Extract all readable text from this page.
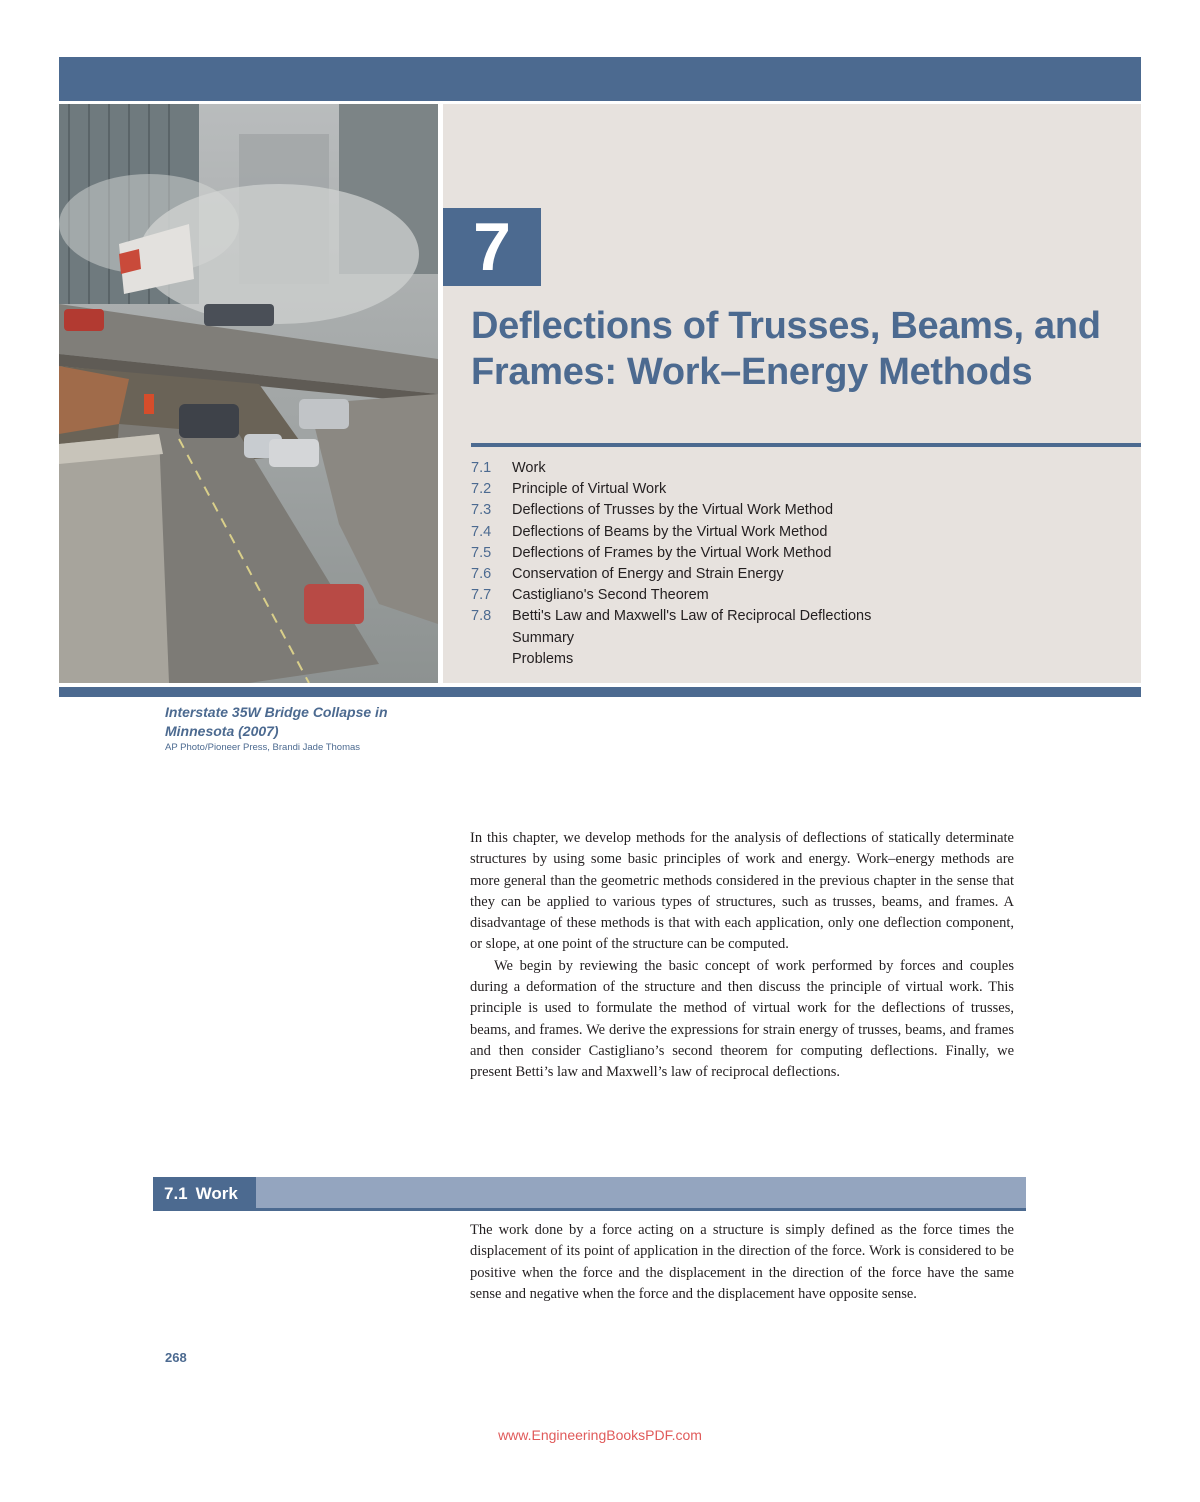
7
Deflections of Trusses, Beams, and Frames: Work–Energy Methods
7.1	Work
7.2	Principle of Virtual Work
7.3	Deflections of Trusses by the Virtual Work Method
7.4	Deflections of Beams by the Virtual Work Method
7.5	Deflections of Frames by the Virtual Work Method
7.6	Conservation of Energy and Strain Energy
7.7	Castigliano's Second Theorem
7.8	Betti's Law and Maxwell's Law of Reciprocal Deflections
Summary
Problems
Interstate 35W Bridge Collapse in Minnesota (2007)
AP Photo/Pioneer Press, Brandi Jade Thomas

In this chapter, we develop methods for the analysis of deflections of statically determinate structures by using some basic principles of work and energy. Work–energy methods are more general than the geometric methods considered in the previous chapter in the sense that they can be applied to various types of structures, such as trusses, beams, and frames. A disadvantage of these methods is that with each application, only one deflection component, or slope, at one point of the structure can be computed.

We begin by reviewing the basic concept of work performed by forces and couples during a deformation of the structure and then discuss the principle of virtual work. This principle is used to formulate the method of virtual work for the deflections of trusses, beams, and frames. We derive the expressions for strain energy of trusses, beams, and frames and then consider Castigliano’s second theorem for computing deflections. Finally, we present Betti’s law and Maxwell’s law of reciprocal deflections.

7.1 Work

The work done by a force acting on a structure is simply defined as the force times the displacement of its point of application in the direction of the force. Work is considered to be positive when the force and the displacement in the direction of the force have the same sense and negative when the force and the displacement have opposite sense.

268
www.EngineeringBooksPDF.com
